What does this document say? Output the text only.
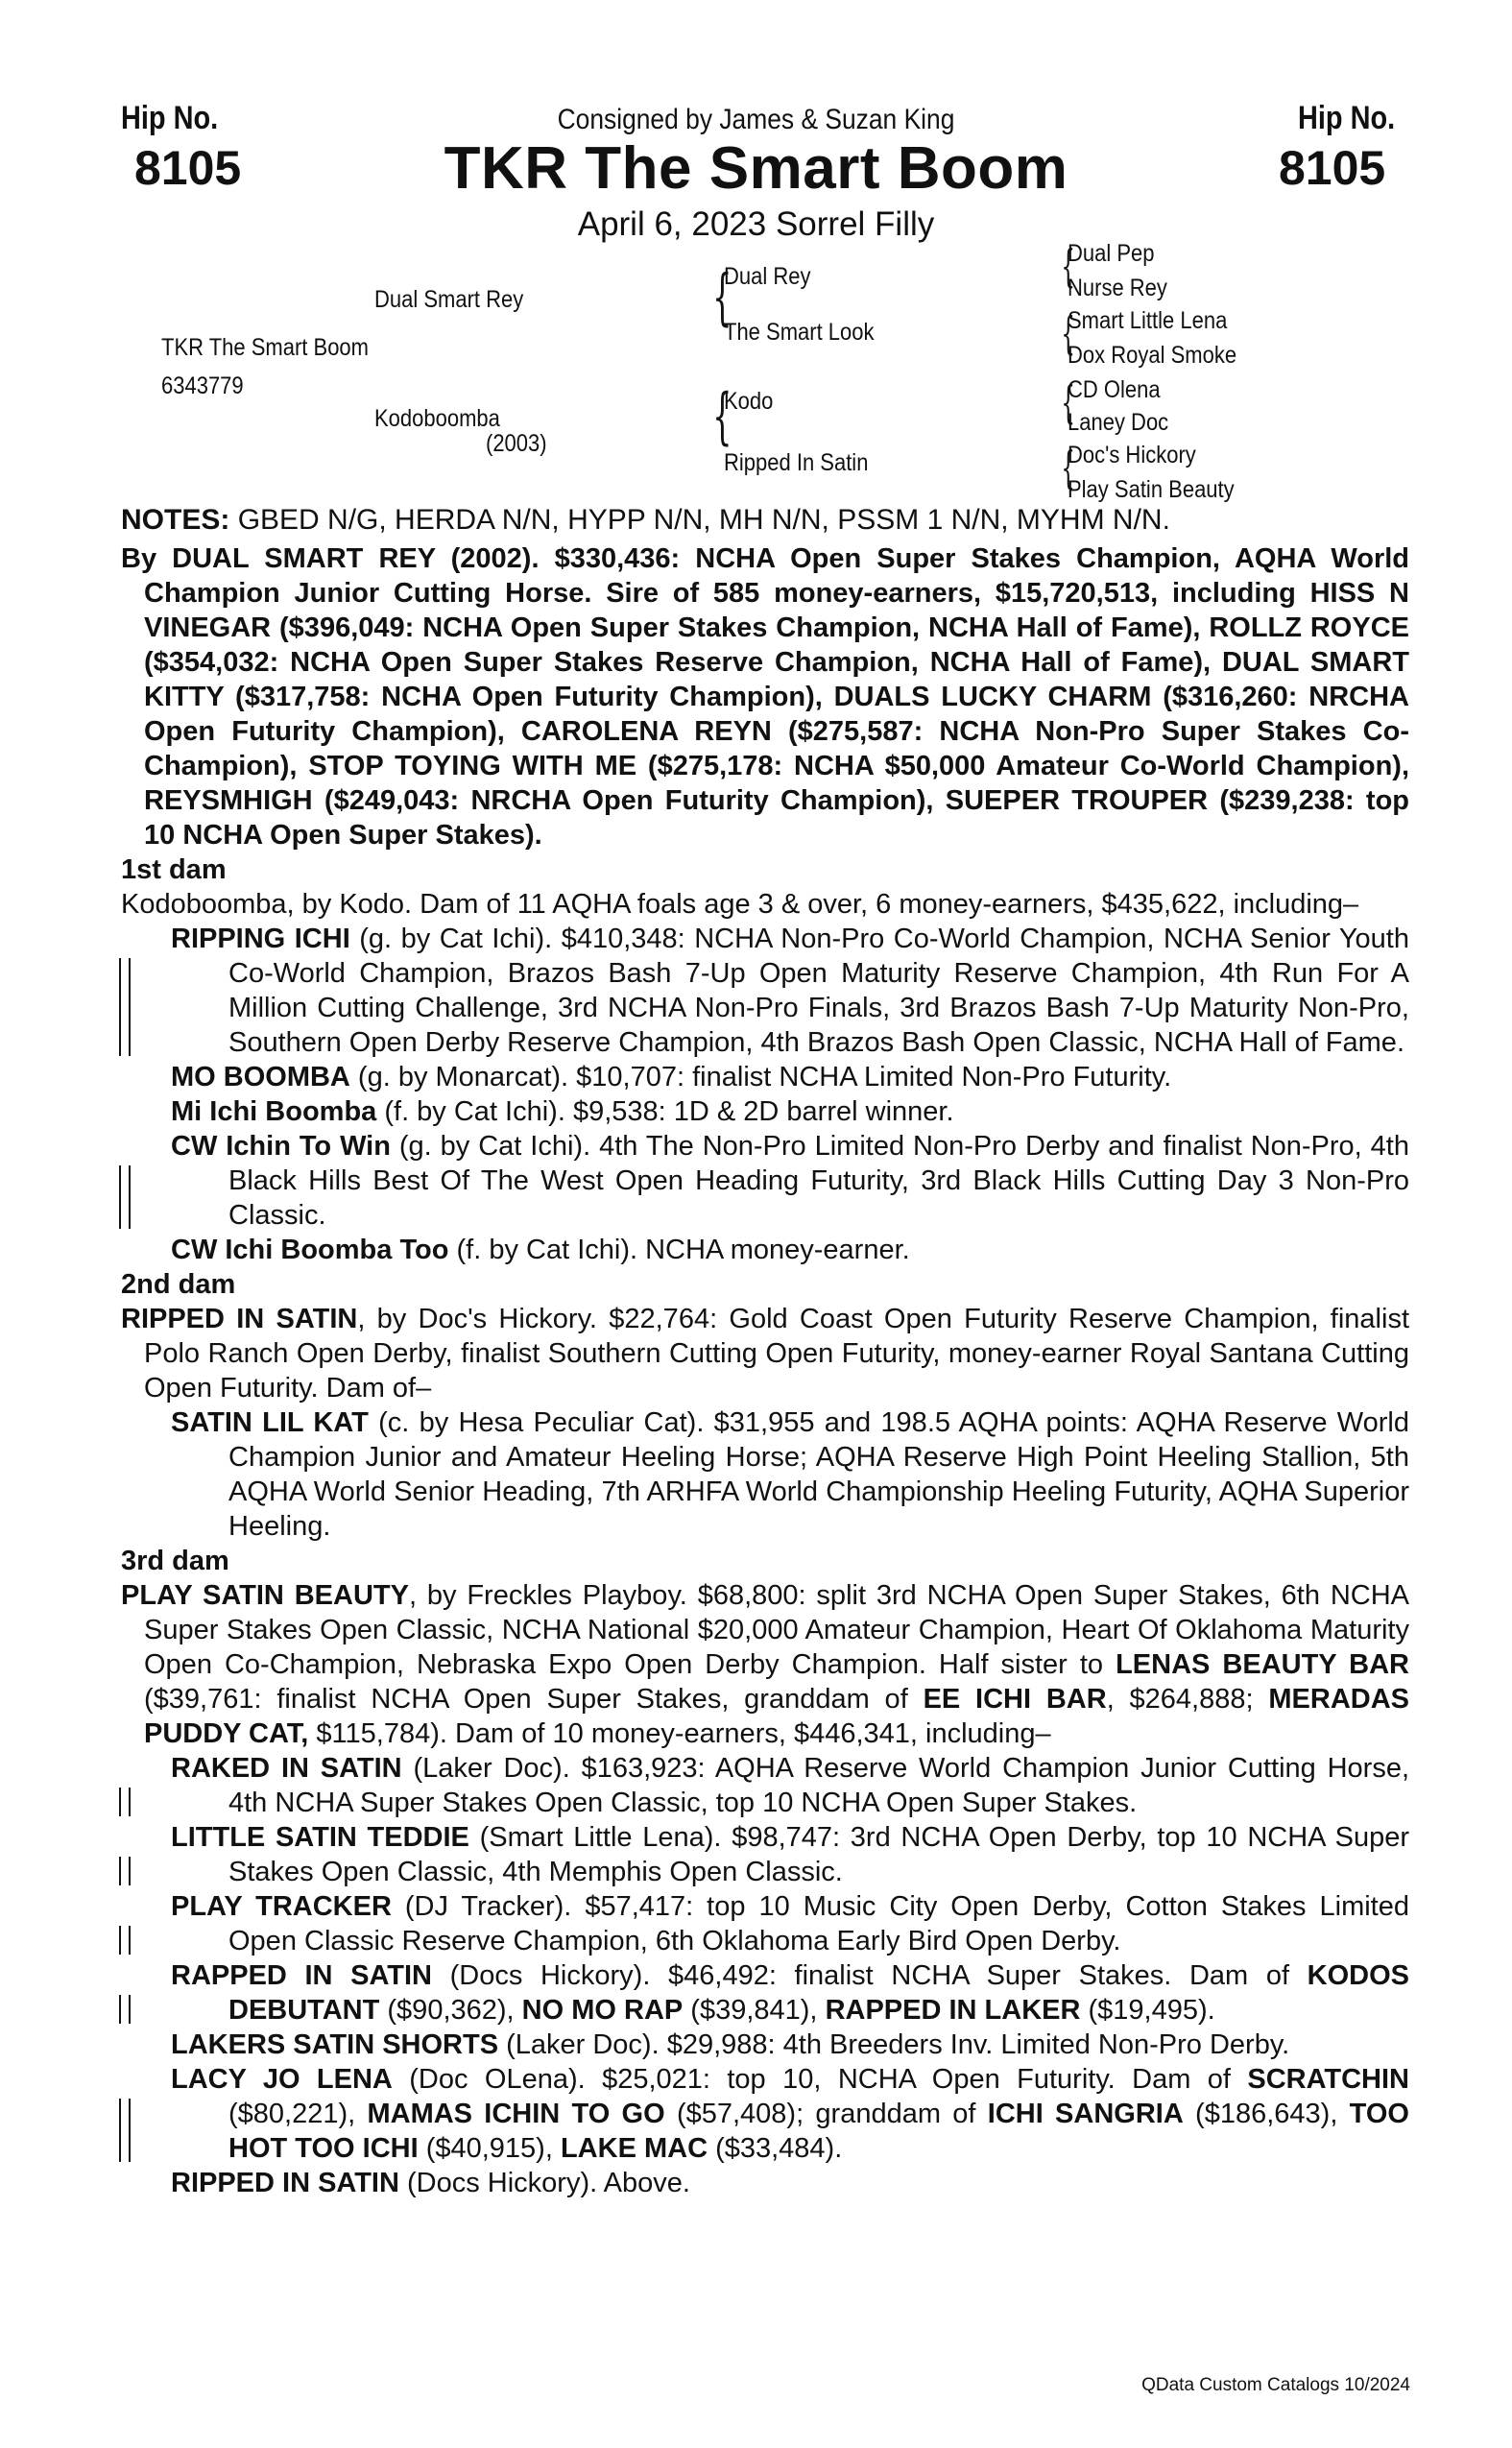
Hip No.
8105
Hip No.
8105
Consigned by James & Suzan King
TKR The Smart Boom
April 6, 2023 Sorrel Filly
Dual Smart Rey
TKR The Smart Boom
6343779
Kodoboomba
(2003)
{
Dual Rey
The Smart Look
{
Kodo
Ripped In Satin
{
Dual Pep
Nurse Rey
{
Smart Little Lena
Dox Royal Smoke
{
CD Olena
Laney Doc
{
Doc's Hickory
Play Satin Beauty

NOTES: GBED N/G, HERDA N/N, HYPP N/N, MH N/N, PSSM 1 N/N, MYHM N/N.

By DUAL SMART REY (2002). $330,436: NCHA Open Super Stakes Champion, AQHA World Champion Junior Cutting Horse. Sire of 585 money-earners, $15,720,513, including HISS N VINEGAR ($396,049: NCHA Open Super Stakes Champion, NCHA Hall of Fame), ROLLZ ROYCE ($354,032: NCHA Open Super Stakes Reserve Champion, NCHA Hall of Fame), DUAL SMART KITTY ($317,758: NCHA Open Futurity Champion), DUALS LUCKY CHARM ($316,260: NRCHA Open Futurity Champion), CAROLENA REYN ($275,587: NCHA Non-Pro Super Stakes Co-Champion), STOP TOYING WITH ME ($275,178: NCHA $50,000 Amateur Co-World Champion), REYSMHIGH ($249,043: NRCHA Open Futurity Champion), SUEPER TROUPER ($239,238: top 10 NCHA Open Super Stakes).

1st dam

Kodoboomba, by Kodo. Dam of 11 AQHA foals age 3 & over, 6 money-earners, $435,622, including–

RIPPING ICHI (g. by Cat Ichi). $410,348: NCHA Non-Pro Co-World Champion, NCHA Senior Youth Co-World Champion, Brazos Bash 7-Up Open Maturity Reserve Champion, 4th Run For A Million Cutting Challenge, 3rd NCHA Non-Pro Finals, 3rd Brazos Bash 7-Up Maturity Non-Pro, Southern Open Derby Reserve Champion, 4th Brazos Bash Open Classic, NCHA Hall of Fame.

MO BOOMBA (g. by Monarcat). $10,707: finalist NCHA Limited Non-Pro Futurity.

Mi Ichi Boomba (f. by Cat Ichi). $9,538: 1D & 2D barrel winner.

CW Ichin To Win (g. by Cat Ichi). 4th The Non-Pro Limited Non-Pro Derby and finalist Non-Pro, 4th Black Hills Best Of The West Open Heading Futurity, 3rd Black Hills Cutting Day 3 Non-Pro Classic.

CW Ichi Boomba Too (f. by Cat Ichi). NCHA money-earner.

2nd dam

RIPPED IN SATIN, by Doc's Hickory. $22,764: Gold Coast Open Futurity Reserve Champion, finalist Polo Ranch Open Derby, finalist Southern Cutting Open Futurity, money-earner Royal Santana Cutting Open Futurity. Dam of–

SATIN LIL KAT (c. by Hesa Peculiar Cat). $31,955 and 198.5 AQHA points: AQHA Reserve World Champion Junior and Amateur Heeling Horse; AQHA Reserve High Point Heeling Stallion, 5th AQHA World Senior Heading, 7th ARHFA World Championship Heeling Futurity, AQHA Superior Heeling.

3rd dam

PLAY SATIN BEAUTY, by Freckles Playboy. $68,800: split 3rd NCHA Open Super Stakes, 6th NCHA Super Stakes Open Classic, NCHA National $20,000 Amateur Champion, Heart Of Oklahoma Maturity Open Co-Champion, Nebraska Expo Open Derby Champion. Half sister to LENAS BEAUTY BAR ($39,761: finalist NCHA Open Super Stakes, granddam of EE ICHI BAR, $264,888; MERADAS PUDDY CAT, $115,784). Dam of 10 money-earners, $446,341, including–

RAKED IN SATIN (Laker Doc). $163,923: AQHA Reserve World Champion Junior Cutting Horse, 4th NCHA Super Stakes Open Classic, top 10 NCHA Open Super Stakes.

LITTLE SATIN TEDDIE (Smart Little Lena). $98,747: 3rd NCHA Open Derby, top 10 NCHA Super Stakes Open Classic, 4th Memphis Open Classic.

PLAY TRACKER (DJ Tracker). $57,417: top 10 Music City Open Derby, Cotton Stakes Limited Open Classic Reserve Champion, 6th Oklahoma Early Bird Open Derby.

RAPPED IN SATIN (Docs Hickory). $46,492: finalist NCHA Super Stakes. Dam of KODOS DEBUTANT ($90,362), NO MO RAP ($39,841), RAPPED IN LAKER ($19,495).

LAKERS SATIN SHORTS (Laker Doc). $29,988: 4th Breeders Inv. Limited Non-Pro Derby.

LACY JO LENA (Doc OLena). $25,021: top 10, NCHA Open Futurity. Dam of SCRATCHIN ($80,221), MAMAS ICHIN TO GO ($57,408); granddam of ICHI SANGRIA ($186,643), TOO HOT TOO ICHI ($40,915), LAKE MAC ($33,484).

RIPPED IN SATIN (Docs Hickory). Above.

QData Custom Catalogs 10/2024
